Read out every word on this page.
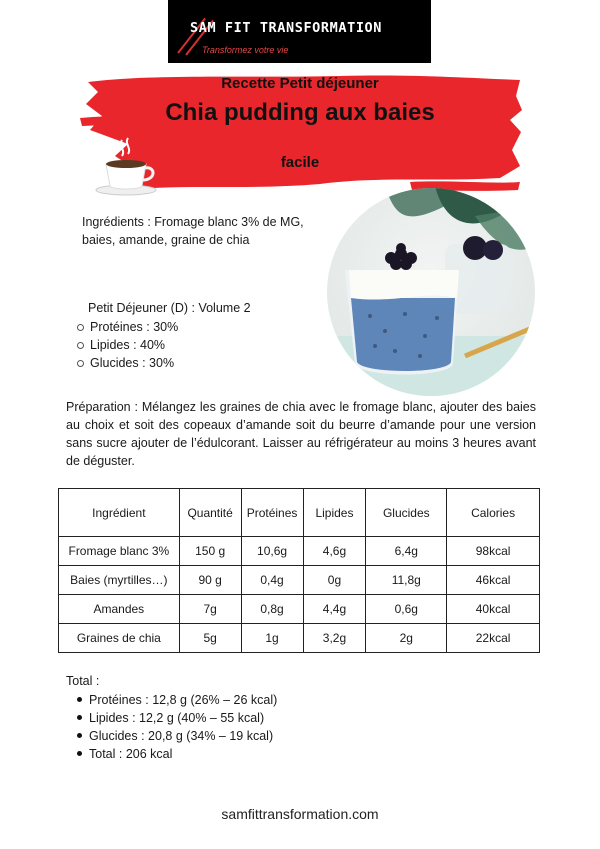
SAM FIT TRANSFORMATION

Transformez votre vie

Recette Petit déjeuner
Chia pudding aux baies
facile
Ingrédients : Fromage blanc 3% de MG, baies, amande, graine de chia
Petit Déjeuner (D) : Volume 2
Protéines : 30%
Lipides : 40%
Glucides : 30%
Préparation : Mélangez les graines de chia avec le fromage blanc, ajouter des baies au choix et soit des copeaux d’amande soit du beurre d’amande pour une version sans sucre ajouter de l’édulcorant. Laisser au réfrigérateur au moins 3 heures avant de déguster.
Ingrédient	Quantité	Protéines	Lipides	Glucides	Calories
Fromage blanc 3%	150 g	10,6g	4,6g	6,4g	98kcal
Baies (myrtilles…)	90 g	0,4g	0g	11,8g	46kcal
Amandes	7g	0,8g	4,4g	0,6g	40kcal
Graines de chia	5g	1g	3,2g	2g	22kcal
Total :
Protéines : 12,8 g (26% – 26 kcal)
Lipides : 12,2 g (40% – 55 kcal)
Glucides : 20,8 g (34% – 19 kcal)
Total : 206 kcal
samfittransformation.com
